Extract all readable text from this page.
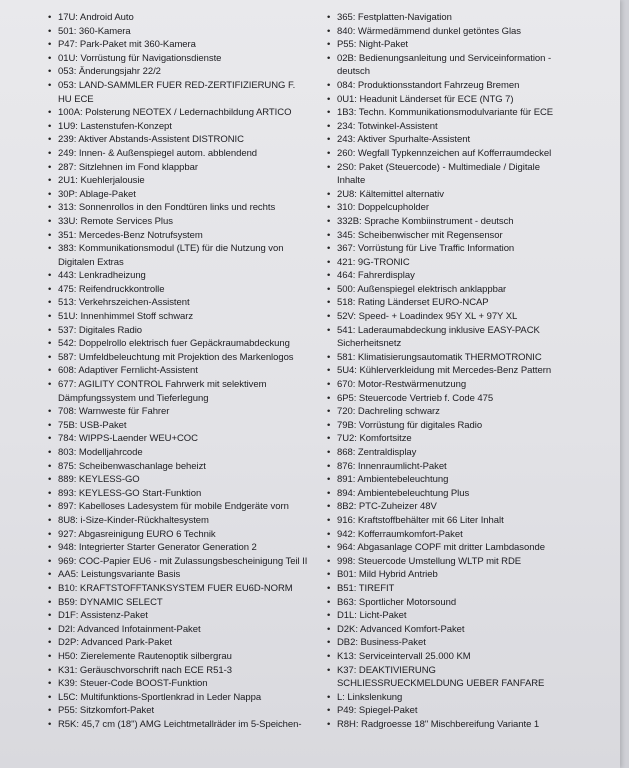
• 17U: Android Auto
• 501: 360-Kamera
• P47: Park-Paket mit 360-Kamera
• 01U: Vorrüstung für Navigationsdienste
• 053: Änderungsjahr 22/2
• 053: LAND-SAMMLER FUER RED-ZERTIFIZIERUNG F. HU ECE
• 100A: Polsterung NEOTEX / Ledernachbildung ARTICO
• 1U9: Lastenstufen-Konzept
• 239: Aktiver Abstands-Assistent DISTRONIC
• 249: Innen- & Außenspiegel autom. abblendend
• 287: Sitzlehnen im Fond klappbar
• 2U1: Kuehlerjalousie
• 30P: Ablage-Paket
• 313: Sonnenrollos in den Fondtüren links und rechts
• 33U: Remote Services Plus
• 351: Mercedes-Benz Notrufsystem
• 383: Kommunikationsmodul (LTE) für die Nutzung von Digitalen Extras
• 443: Lenkradheizung
• 475: Reifendruckkontrolle
• 513: Verkehrszeichen-Assistent
• 51U: Innenhimmel Stoff schwarz
• 537: Digitales Radio
• 542: Doppelrollo elektrisch fuer Gepäckraumabdeckung
• 587: Umfeldbeleuchtung mit Projektion des Markenlogos
• 608: Adaptiver Fernlicht-Assistent
• 677: AGILITY CONTROL Fahrwerk mit selektivem Dämpfungssystem und Tieferlegung
• 708: Warnweste für Fahrer
• 75B: USB-Paket
• 784: WIPPS-Laender WEU+COC
• 803: Modelljahrcode
• 875: Scheibenwaschanlage beheizt
• 889: KEYLESS-GO
• 893: KEYLESS-GO Start-Funktion
• 897: Kabelloses Ladesystem für mobile Endgeräte vorn
• 8U8: i-Size-Kinder-Rückhaltesystem
• 927: Abgasreinigung EURO 6 Technik
• 948: Integrierter Starter Generator Generation 2
• 969: COC-Papier EU6 - mit Zulassungsbescheinigung Teil II
• AA5: Leistungsvariante Basis
• B10: KRAFTSTOFFTANKSYSTEM FUER EU6D-NORM
• B59: DYNAMIC SELECT
• D1F: Assistenz-Paket
• D2I: Advanced Infotainment-Paket
• D2P: Advanced Park-Paket
• H50: Zierelemente Rautenoptik silbergrau
• K31: Geräuschvorschrift nach ECE R51-3
• K39: Steuer-Code BOOST-Funktion
• L5C: Multifunktions-Sportlenkrad in Leder Nappa
• P55: Sitzkomfort-Paket
• R5K: 45,7 cm (18") AMG Leichtmetallräder im 5-Speichen-
• 365: Festplatten-Navigation
• 840: Wärmedämmend dunkel getöntes Glas
• P55: Night-Paket
• 02B: Bedienungsanleitung und Serviceinformation - deutsch
• 084: Produktionsstandort Fahrzeug Bremen
• 0U1: Headunit Länderset für ECE (NTG 7)
• 1B3: Techn. Kommunikationsmodulvariante für ECE
• 234: Totwinkel-Assistent
• 243: Aktiver Spurhalte-Assistent
• 260: Wegfall Typkennzeichen auf Kofferraumdeckel
• 2S0: Paket (Steuercode) - Multimediale / Digitale Inhalte
• 2U8: Kältemittel alternativ
• 310: Doppelcupholder
• 332B: Sprache Kombiinstrument - deutsch
• 345: Scheibenwischer mit Regensensor
• 367: Vorrüstung für Live Traffic Information
• 421: 9G-TRONIC
• 464: Fahrerdisplay
• 500: Außenspiegel elektrisch anklappbar
• 518: Rating Länderset EURO-NCAP
• 52V: Speed- + Loadindex 95Y XL + 97Y XL
• 541: Laderaumabdeckung inklusive EASY-PACK Sicherheitsnetz
• 581: Klimatisierungsautomatik THERMOTRONIC
• 5U4: Kühlerverkleidung mit Mercedes-Benz Pattern
• 670: Motor-Restwärmenutzung
• 6P5: Steuercode Vertrieb f. Code 475
• 720: Dachreling schwarz
• 79B: Vorrüstung für digitales Radio
• 7U2: Komfortsitze
• 868: Zentraldisplay
• 876: Innenraumlicht-Paket
• 891: Ambientebeleuchtung
• 894: Ambientebeleuchtung Plus
• 8B2: PTC-Zuheizer 48V
• 916: Kraftstoffbehälter mit 66 Liter Inhalt
• 942: Kofferraumkomfort-Paket
• 964: Abgasanlage COPF mit dritter Lambdasonde
• 998: Steuercode Umstellung WLTP mit RDE
• B01: Mild Hybrid Antrieb
• B51: TIREFIT
• B63: Sportlicher Motorsound
• D1L: Licht-Paket
• D2K: Advanced Komfort-Paket
• DB2: Business-Paket
• K13: Serviceintervall 25.000 KM
• K37: DEAKTIVIERUNG SCHLIESSRUECKMELDUNG UEBER FANFARE
• L: Linkslenkung
• P49: Spiegel-Paket
• R8H: Radgroesse 18" Mischbereifung Variante 1
